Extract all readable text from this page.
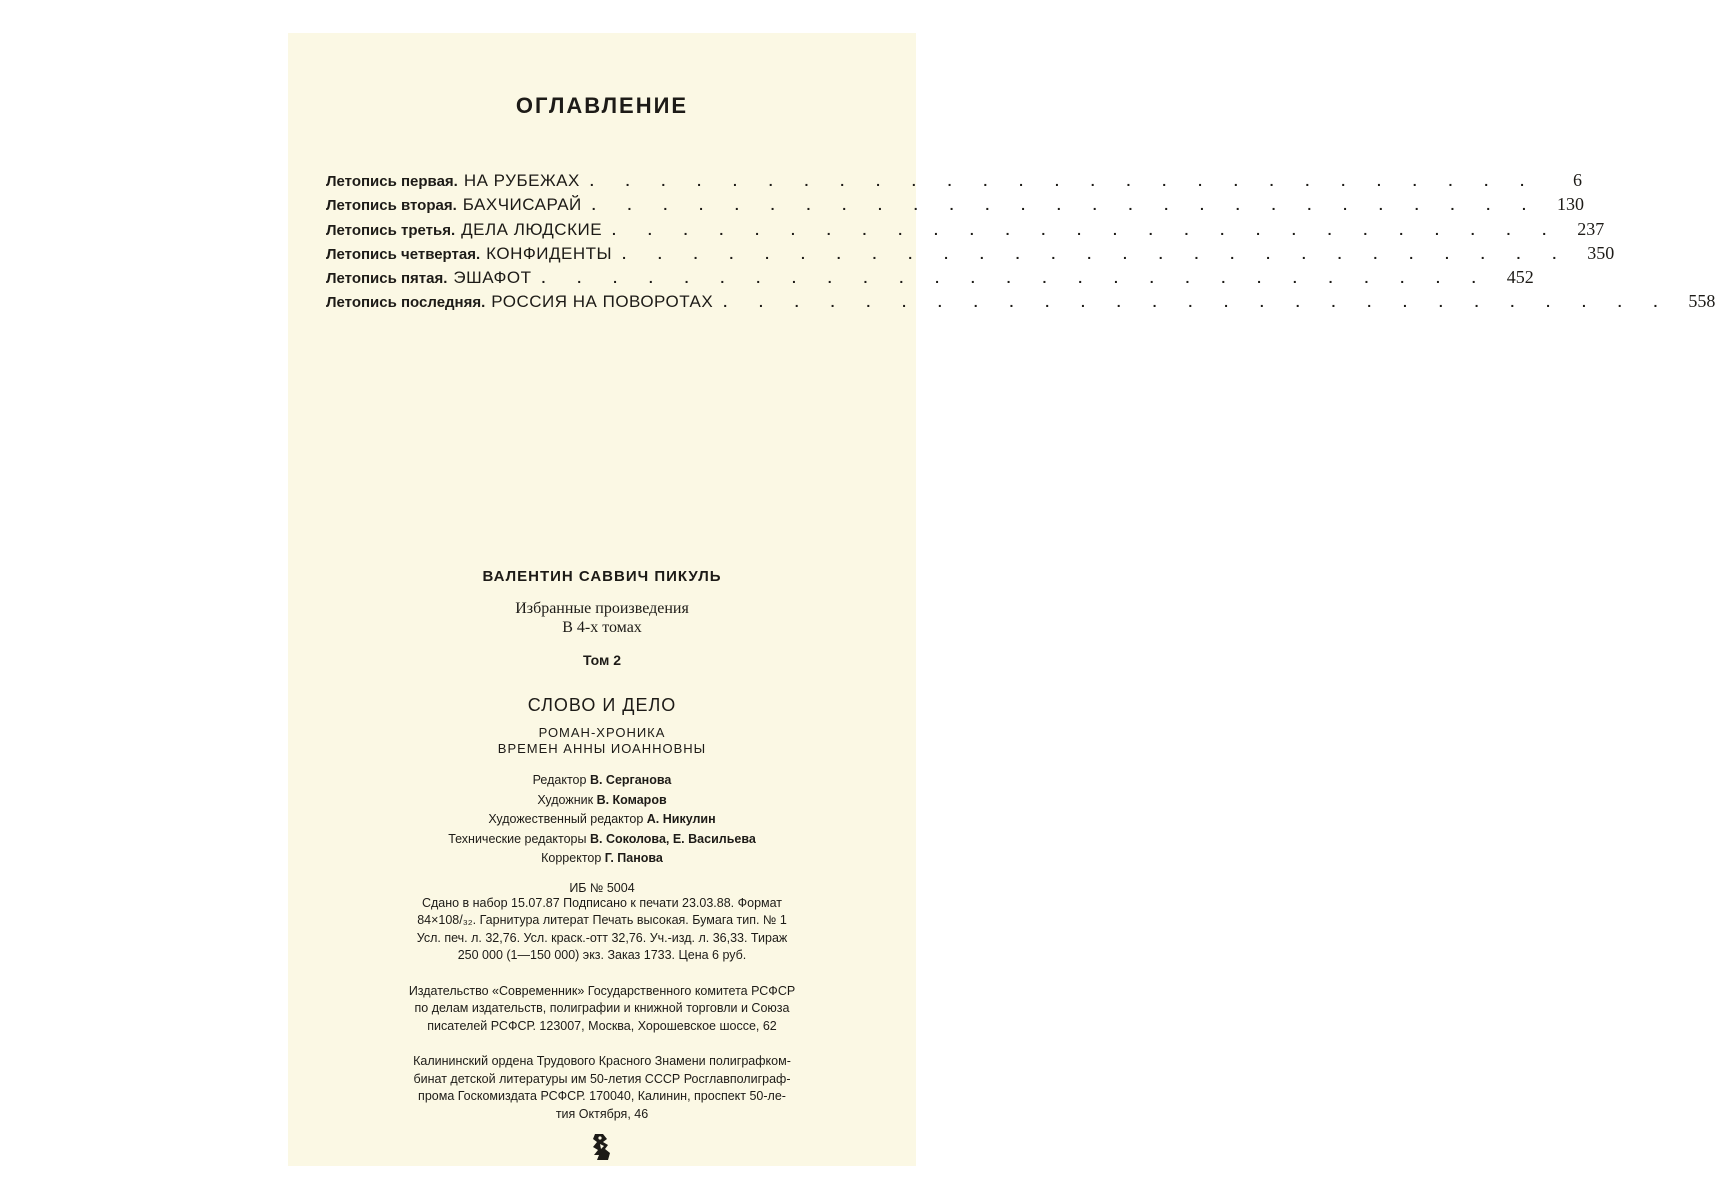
ОГЛАВЛЕНИЕ
Летопись первая. НА РУБЕЖАХ . . . . . . . . . . . . . . . . . . . . . . . . . . .	6
Летопись вторая. БАХЧИСАРАЙ . . . . . . . . . . . . . . . . . . . . . . . . . . . 130
Летопись третья. ДЕЛА ЛЮДСКИЕ . . . . . . . . . . . . . . . . . . . . . . . . . . . 237
Летопись четвертая. КОНФИДЕНТЫ . . . . . . . . . . . . . . . . . . . . . . . . . . . 350
Летопись пятая. ЭШАФОТ . . . . . . . . . . . . . . . . . . . . . . . . . . . 452
Летопись последняя. РОССИЯ НА ПОВОРОТАХ . . . . . . . . . . . . . . . . . . . . . . . . . . . 558
ВАЛЕНТИН САВВИЧ ПИКУЛЬ
Избранные произведения
В 4-х томах
Том 2
СЛОВО И ДЕЛО
РОМАН-ХРОНИКА
ВРЕМЕН АННЫ ИОАННОВНЫ
Редактор В. Серганова
Художник В. Комаров
Художественный редактор А. Никулин
Технические редакторы В. Соколова, Е. Васильева
Корректор Г. Панова
ИБ № 5004
Сдано в набор 15.07.87 Подписано к печати 23.03.88. Формат
84×108/₃₂. Гарнитура литерат Печать высокая. Бумага тип. № 1
Усл. печ. л. 32,76. Усл. краск.-отт 32,76. Уч.-изд. л. 36,33. Тираж
250 000 (1—150 000) экз. Заказ 1733. Цена 6 руб.
Издательство «Современник» Государственного комитета РСФСР
по делам издательств, полиграфии и книжной торговли и Союза
писателей РСФСР. 123007, Москва, Хорошевское шоссе, 62
Калининский ордена Трудового Красного Знамени полиграфком-
бинат детской литературы им 50-летия СССР Росглавполиграф-
прома Госкомиздата РСФСР. 170040, Калинин, проспект 50-ле-
тия Октября, 46
